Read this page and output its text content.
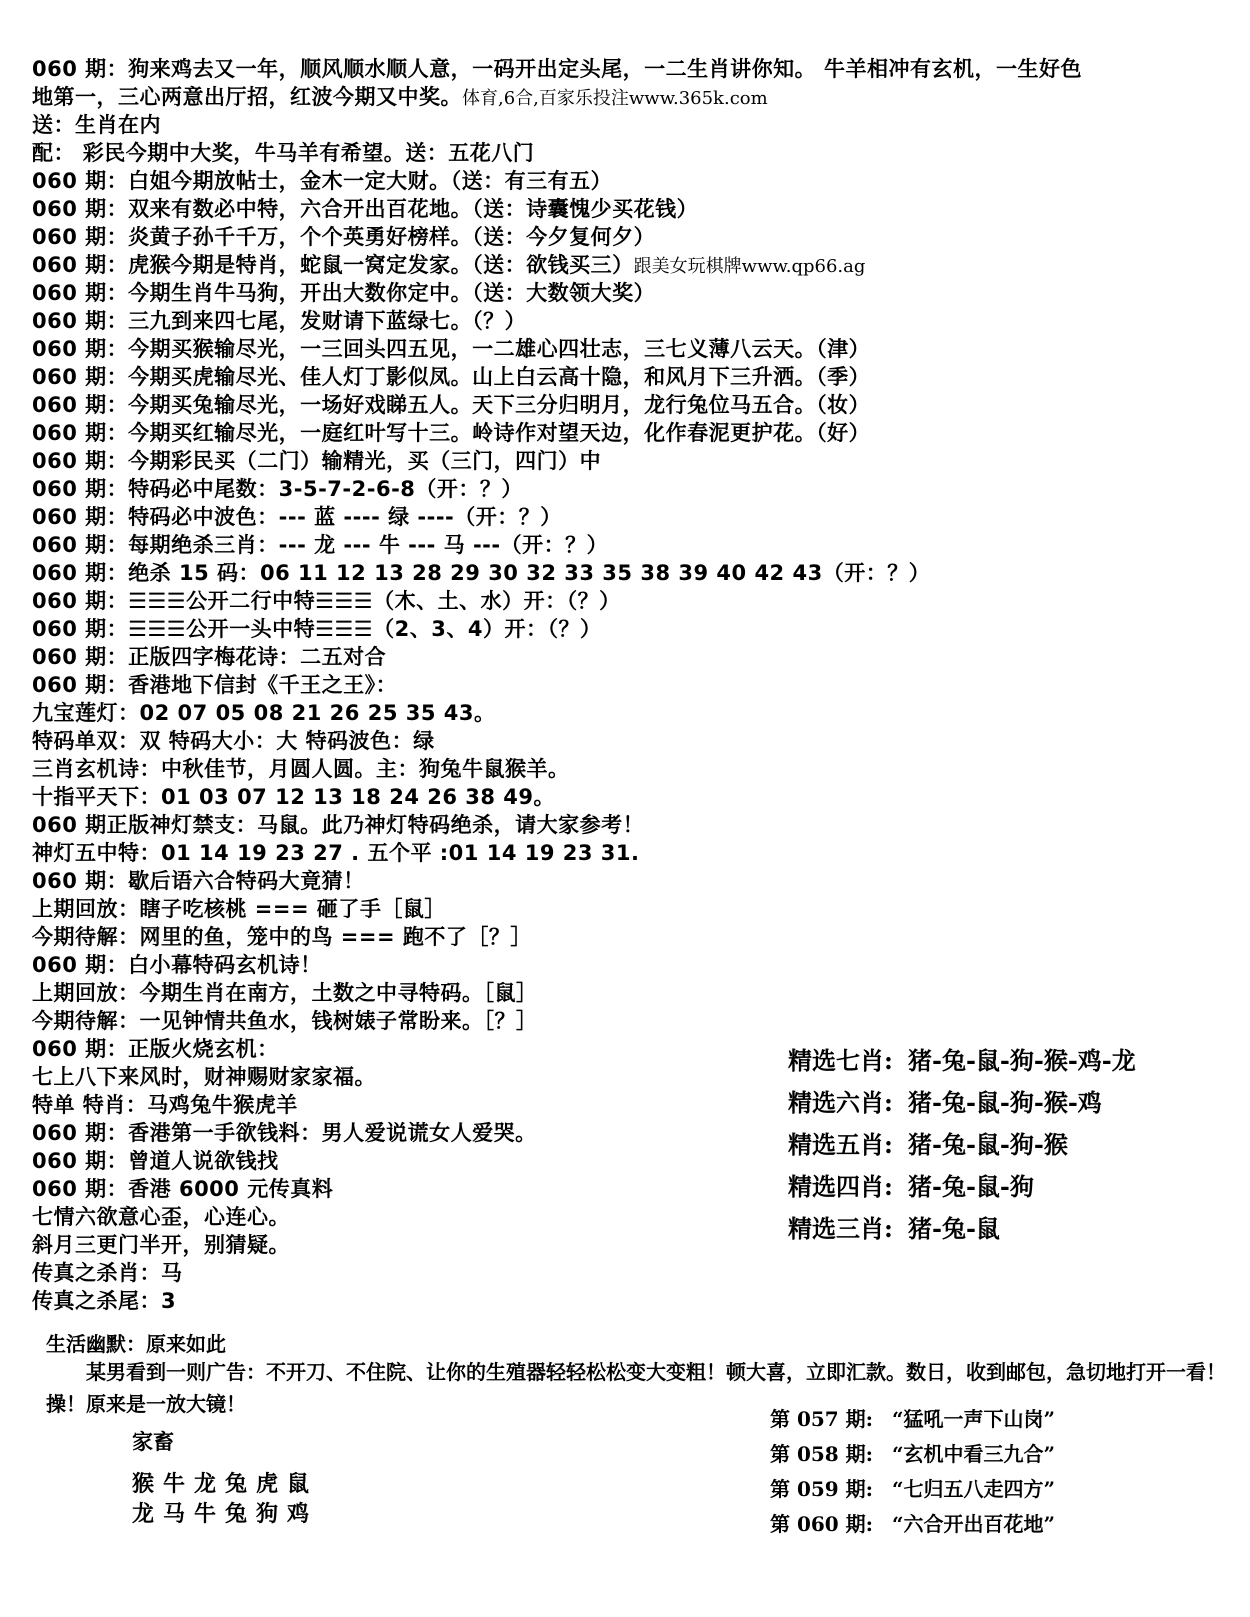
060 期：狗来鸡去又一年，顺风顺水顺人意，一码开出定头尾，一二生肖讲你知。 牛羊相冲有玄机，一生好色
地第一，三心两意出厅招，红波今期又中奖。体育,6合,百家乐投注www.365k.com
送：生肖在内
配： 彩民今期中大奖，牛马羊有希望。送：五花八门
060 期：白姐今期放帖士，金木一定大财。（送：有三有五）
060 期：双来有数必中特，六合开出百花地。（送：诗囊愧少买花钱）
060 期：炎黄子孙千千万，个个英勇好榜样。（送：今夕复何夕）
060 期：虎猴今期是特肖，蛇鼠一窝定发家。（送：欲钱买三）跟美女玩棋牌www.qp66.ag
060 期：今期生肖牛马狗，开出大数你定中。（送：大数领大奖）
060 期：三九到来四七尾，发财请下蓝绿七。（？）
060 期：今期买猴输尽光，一三回头四五见，一二雄心四壮志，三七义薄八云天。（津）
060 期：今期买虎输尽光、佳人灯丁影似凤。山上白云高十隐，和风月下三升洒。（季）
060 期：今期买兔输尽光，一场好戏睇五人。天下三分归明月，龙行兔位马五合。（妆）
060 期：今期买红输尽光，一庭红叶写十三。岭诗作对望天边，化作春泥更护花。（好）
060 期：今期彩民买（二门）输精光，买（三门，四门）中
060 期：特码必中尾数：3-5-7-2-6-8（开：？）
060 期：特码必中波色：--- 蓝 ---- 绿 ----（开：？）
060 期：每期绝杀三肖：--- 龙 --- 牛 --- 马 ---（开：？）
060 期：绝杀 15 码：06 11 12 13 28 29 30 32 33 35 38 39 40 42 43（开：？）
060 期：☰☰☰公开二行中特☰☰☰（木、土、水）开：（？）
060 期：☰☰☰公开一头中特☰☰☰（2、3、4）开：（？）
060 期：正版四字梅花诗：二五对合
060 期：香港地下信封《千王之王》：
九宝莲灯：02 07 05 08 21 26 25 35 43。
特码单双：双 特码大小：大 特码波色：绿
三肖玄机诗：中秋佳节，月圆人圆。主：狗兔牛鼠猴羊。
十指平天下：01 03 07 12 13 18 24 26 38 49。
060 期正版神灯禁支：马鼠。此乃神灯特码绝杀，请大家参考！
神灯五中特：01 14 19 23 27 . 五个平 :01 14 19 23 31.
060 期：歇后语六合特码大竟猜！
上期回放：瞎子吃核桃 === 砸了手［鼠］
今期待解：网里的鱼，笼中的鸟 === 跑不了［？］
060 期：白小幕特码玄机诗！
上期回放：今期生肖在南方，土数之中寻特码。［鼠］
今期待解：一见钟情共鱼水，钱树婊子常盼来。［？］
060 期：正版火烧玄机：
七上八下来风时，财神赐财家家福。
特单 特肖：马鸡兔牛猴虎羊
060 期：香港第一手欲钱料：男人爱说谎女人爱哭。
060 期：曾道人说欲钱找
060 期：香港 6000 元传真料
七情六欲意心歪，心连心。
斜月三更门半开，别猜疑。
传真之杀肖：马
传真之杀尾：3
生活幽默：原来如此
某男看到一则广告：不开刀、不住院、让你的生殖器轻轻松松变大变粗！顿大喜，立即汇款。数日，收到邮包，急切地打开一看！操！原来是一放大镜！
精选七肖: 猪-兔-鼠-狗-猴-鸡-龙
精选六肖: 猪-兔-鼠-狗-猴-鸡
精选五肖: 猪-兔-鼠-狗-猴
精选四肖: 猪-兔-鼠-狗
精选三肖: 猪-兔-鼠
家畜
猴牛龙兔虎鼠
龙马牛兔狗鸡
第 057 期: “猛吼一声下山岗”
第 058 期: “玄机中看三九合”
第 059 期: “七归五八走四方”
第 060 期: “六合开出百花地”
